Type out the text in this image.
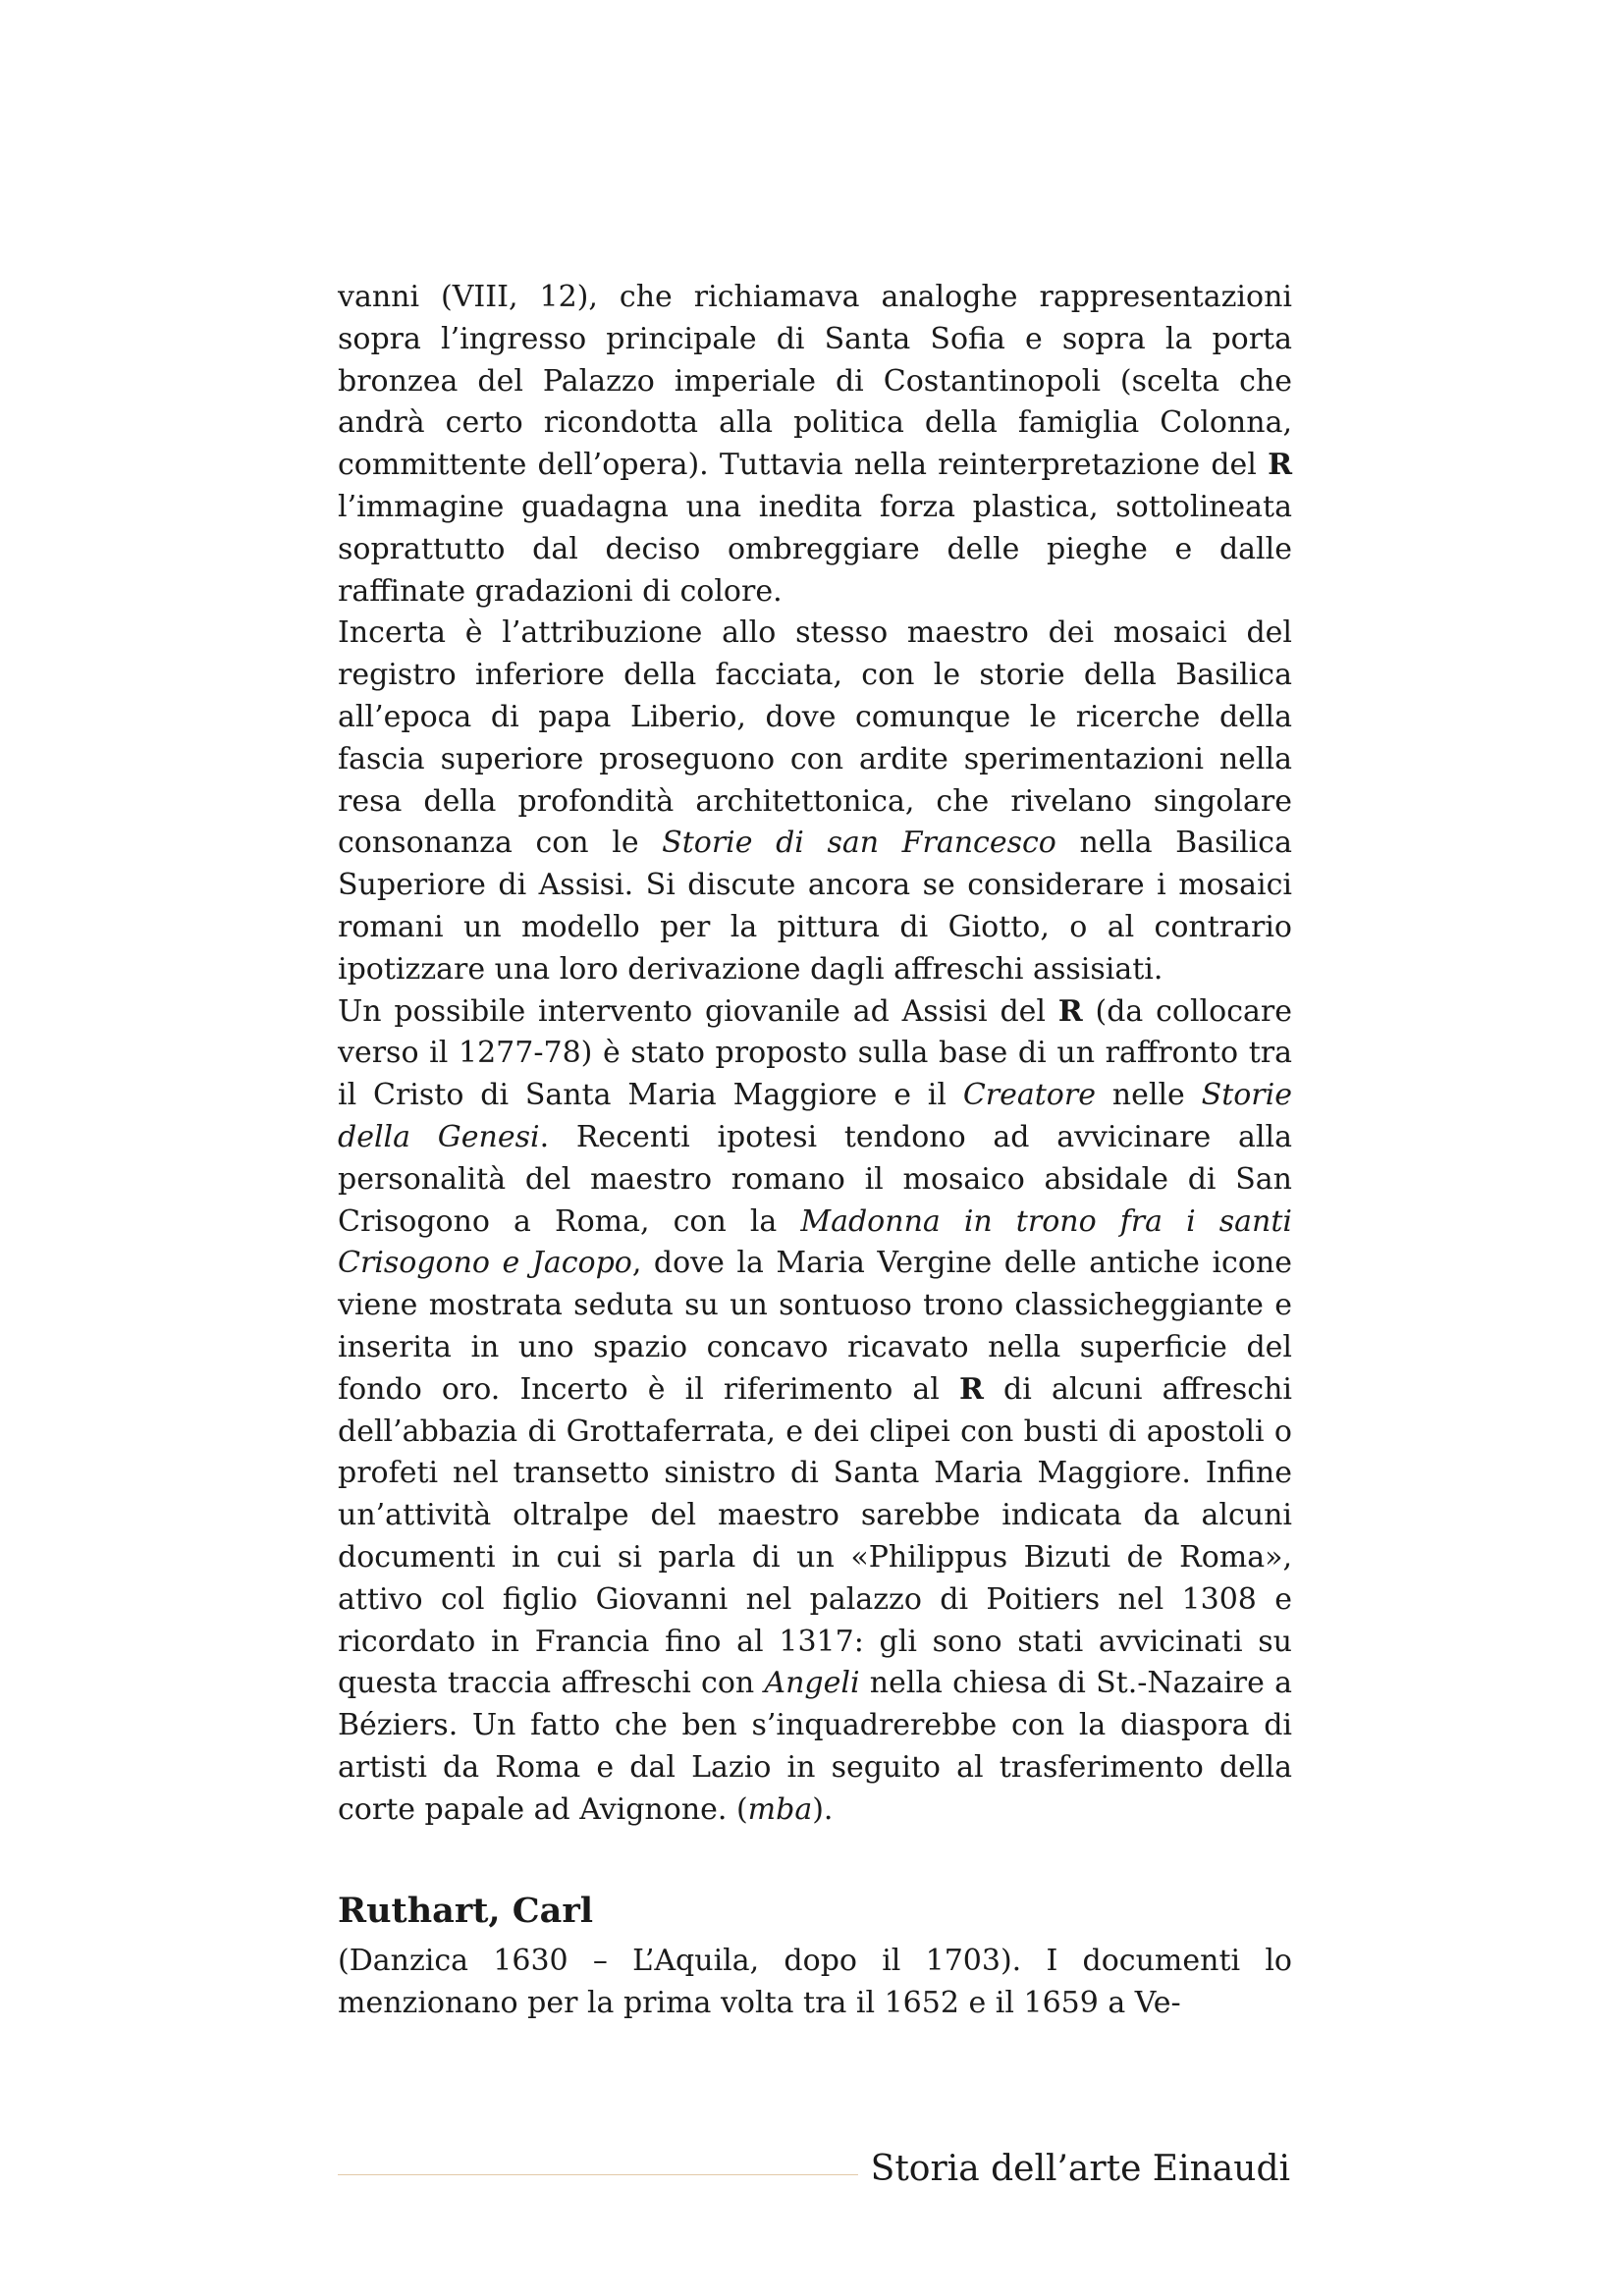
vanni (VIII, 12), che richiamava analoghe rappresentazioni sopra l’ingresso principale di Santa Sofia e sopra la porta bronzea del Palazzo imperiale di Costantinopoli (scelta che andrà certo ricondotta alla politica della famiglia Colonna, committente dell’opera). Tuttavia nella reinterpretazione del R l’immagine guadagna una inedita forza plastica, sottolineata soprattutto dal deciso ombreggiare delle pieghe e dalle raffinate gradazioni di colore.

Incerta è l’attribuzione allo stesso maestro dei mosaici del registro inferiore della facciata, con le storie della Basilica all’epoca di papa Liberio, dove comunque le ricerche della fascia superiore proseguono con ardite sperimentazioni nella resa della profondità architettonica, che rivelano singolare consonanza con le Storie di san Francesco nella Basilica Superiore di Assisi. Si discute ancora se considerare i mosaici romani un modello per la pittura di Giotto, o al contrario ipotizzare una loro derivazione dagli affreschi assisiati.

Un possibile intervento giovanile ad Assisi del R (da collocare verso il 1277-78) è stato proposto sulla base di un raffronto tra il Cristo di Santa Maria Maggiore e il Creatore nelle Storie della Genesi. Recenti ipotesi tendono ad avvicinare alla personalità del maestro romano il mosaico absidale di San Crisogono a Roma, con la Madonna in trono fra i santi Crisogono e Jacopo, dove la Maria Vergine delle antiche icone viene mostrata seduta su un sontuoso trono classicheggiante e inserita in uno spazio concavo ricavato nella superficie del fondo oro. Incerto è il riferimento al R di alcuni affreschi dell’abbazia di Grottaferrata, e dei clipei con busti di apostoli o profeti nel transetto sinistro di Santa Maria Maggiore. Infine un’attività oltralpe del maestro sarebbe indicata da alcuni documenti in cui si parla di un «Philippus Bizuti de Roma», attivo col figlio Giovanni nel palazzo di Poitiers nel 1308 e ricordato in Francia fino al 1317: gli sono stati avvicinati su questa traccia affreschi con Angeli nella chiesa di St.-Nazaire a Béziers. Un fatto che ben s’inquadrerebbe con la diaspora di artisti da Roma e dal Lazio in seguito al trasferimento della corte papale ad Avignone. (mba).

Ruthart, Carl

(Danzica 1630 – L’Aquila, dopo il 1703). I documenti lo menzionano per la prima volta tra il 1652 e il 1659 a Ve-

Storia dell’arte Einaudi
